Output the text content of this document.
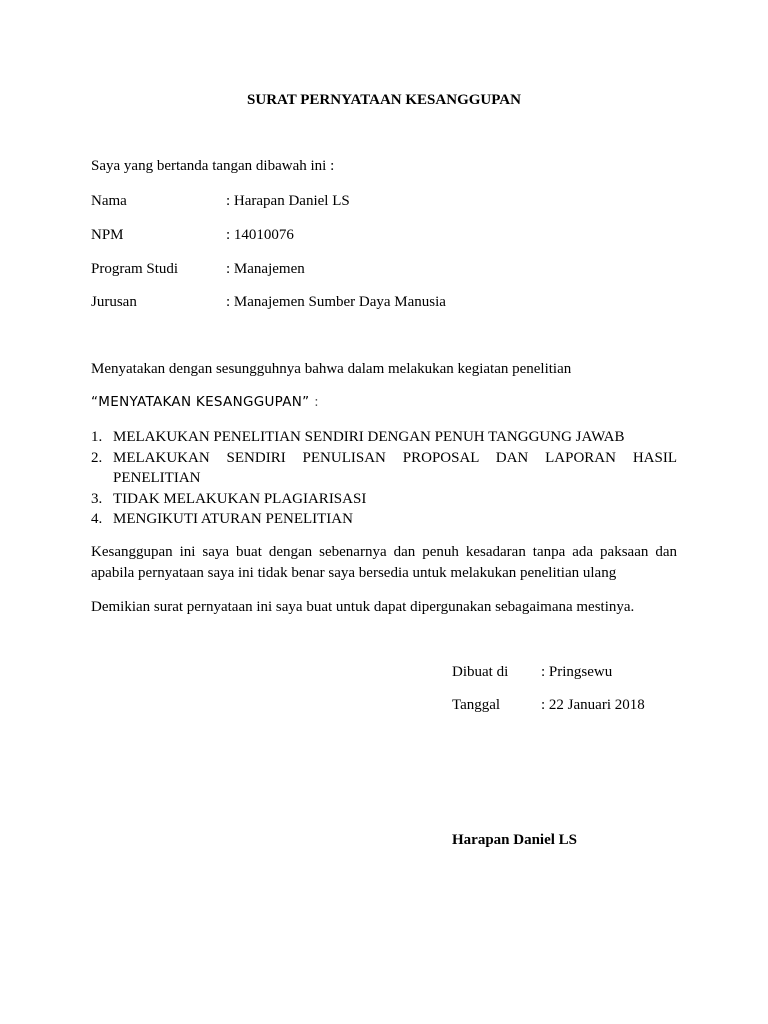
SURAT PERNYATAAN KESANGGUPAN
Saya yang bertanda tangan dibawah ini :
Nama	: Harapan Daniel LS
NPM	: 14010076
Program Studi	: Manajemen
Jurusan	: Manajemen Sumber Daya Manusia
Menyatakan dengan sesungguhnya bahwa dalam melakukan kegiatan penelitian
“MENYATAKAN KESANGGUPAN” :
1. MELAKUKAN PENELITIAN SENDIRI DENGAN PENUH TANGGUNG JAWAB
2. MELAKUKAN SENDIRI PENULISAN PROPOSAL DAN LAPORAN HASIL PENELITIAN
3. TIDAK MELAKUKAN PLAGIARISASI
4. MENGIKUTI ATURAN PENELITIAN
Kesanggupan ini saya buat dengan sebenarnya dan penuh kesadaran tanpa ada paksaan dan apabila pernyataan saya ini tidak benar saya bersedia untuk melakukan penelitian ulang
Demikian surat pernyataan ini saya buat untuk dapat dipergunakan sebagaimana mestinya.
Dibuat di : Pringsewu
Tanggal	: 22 Januari 2018
Harapan Daniel LS
